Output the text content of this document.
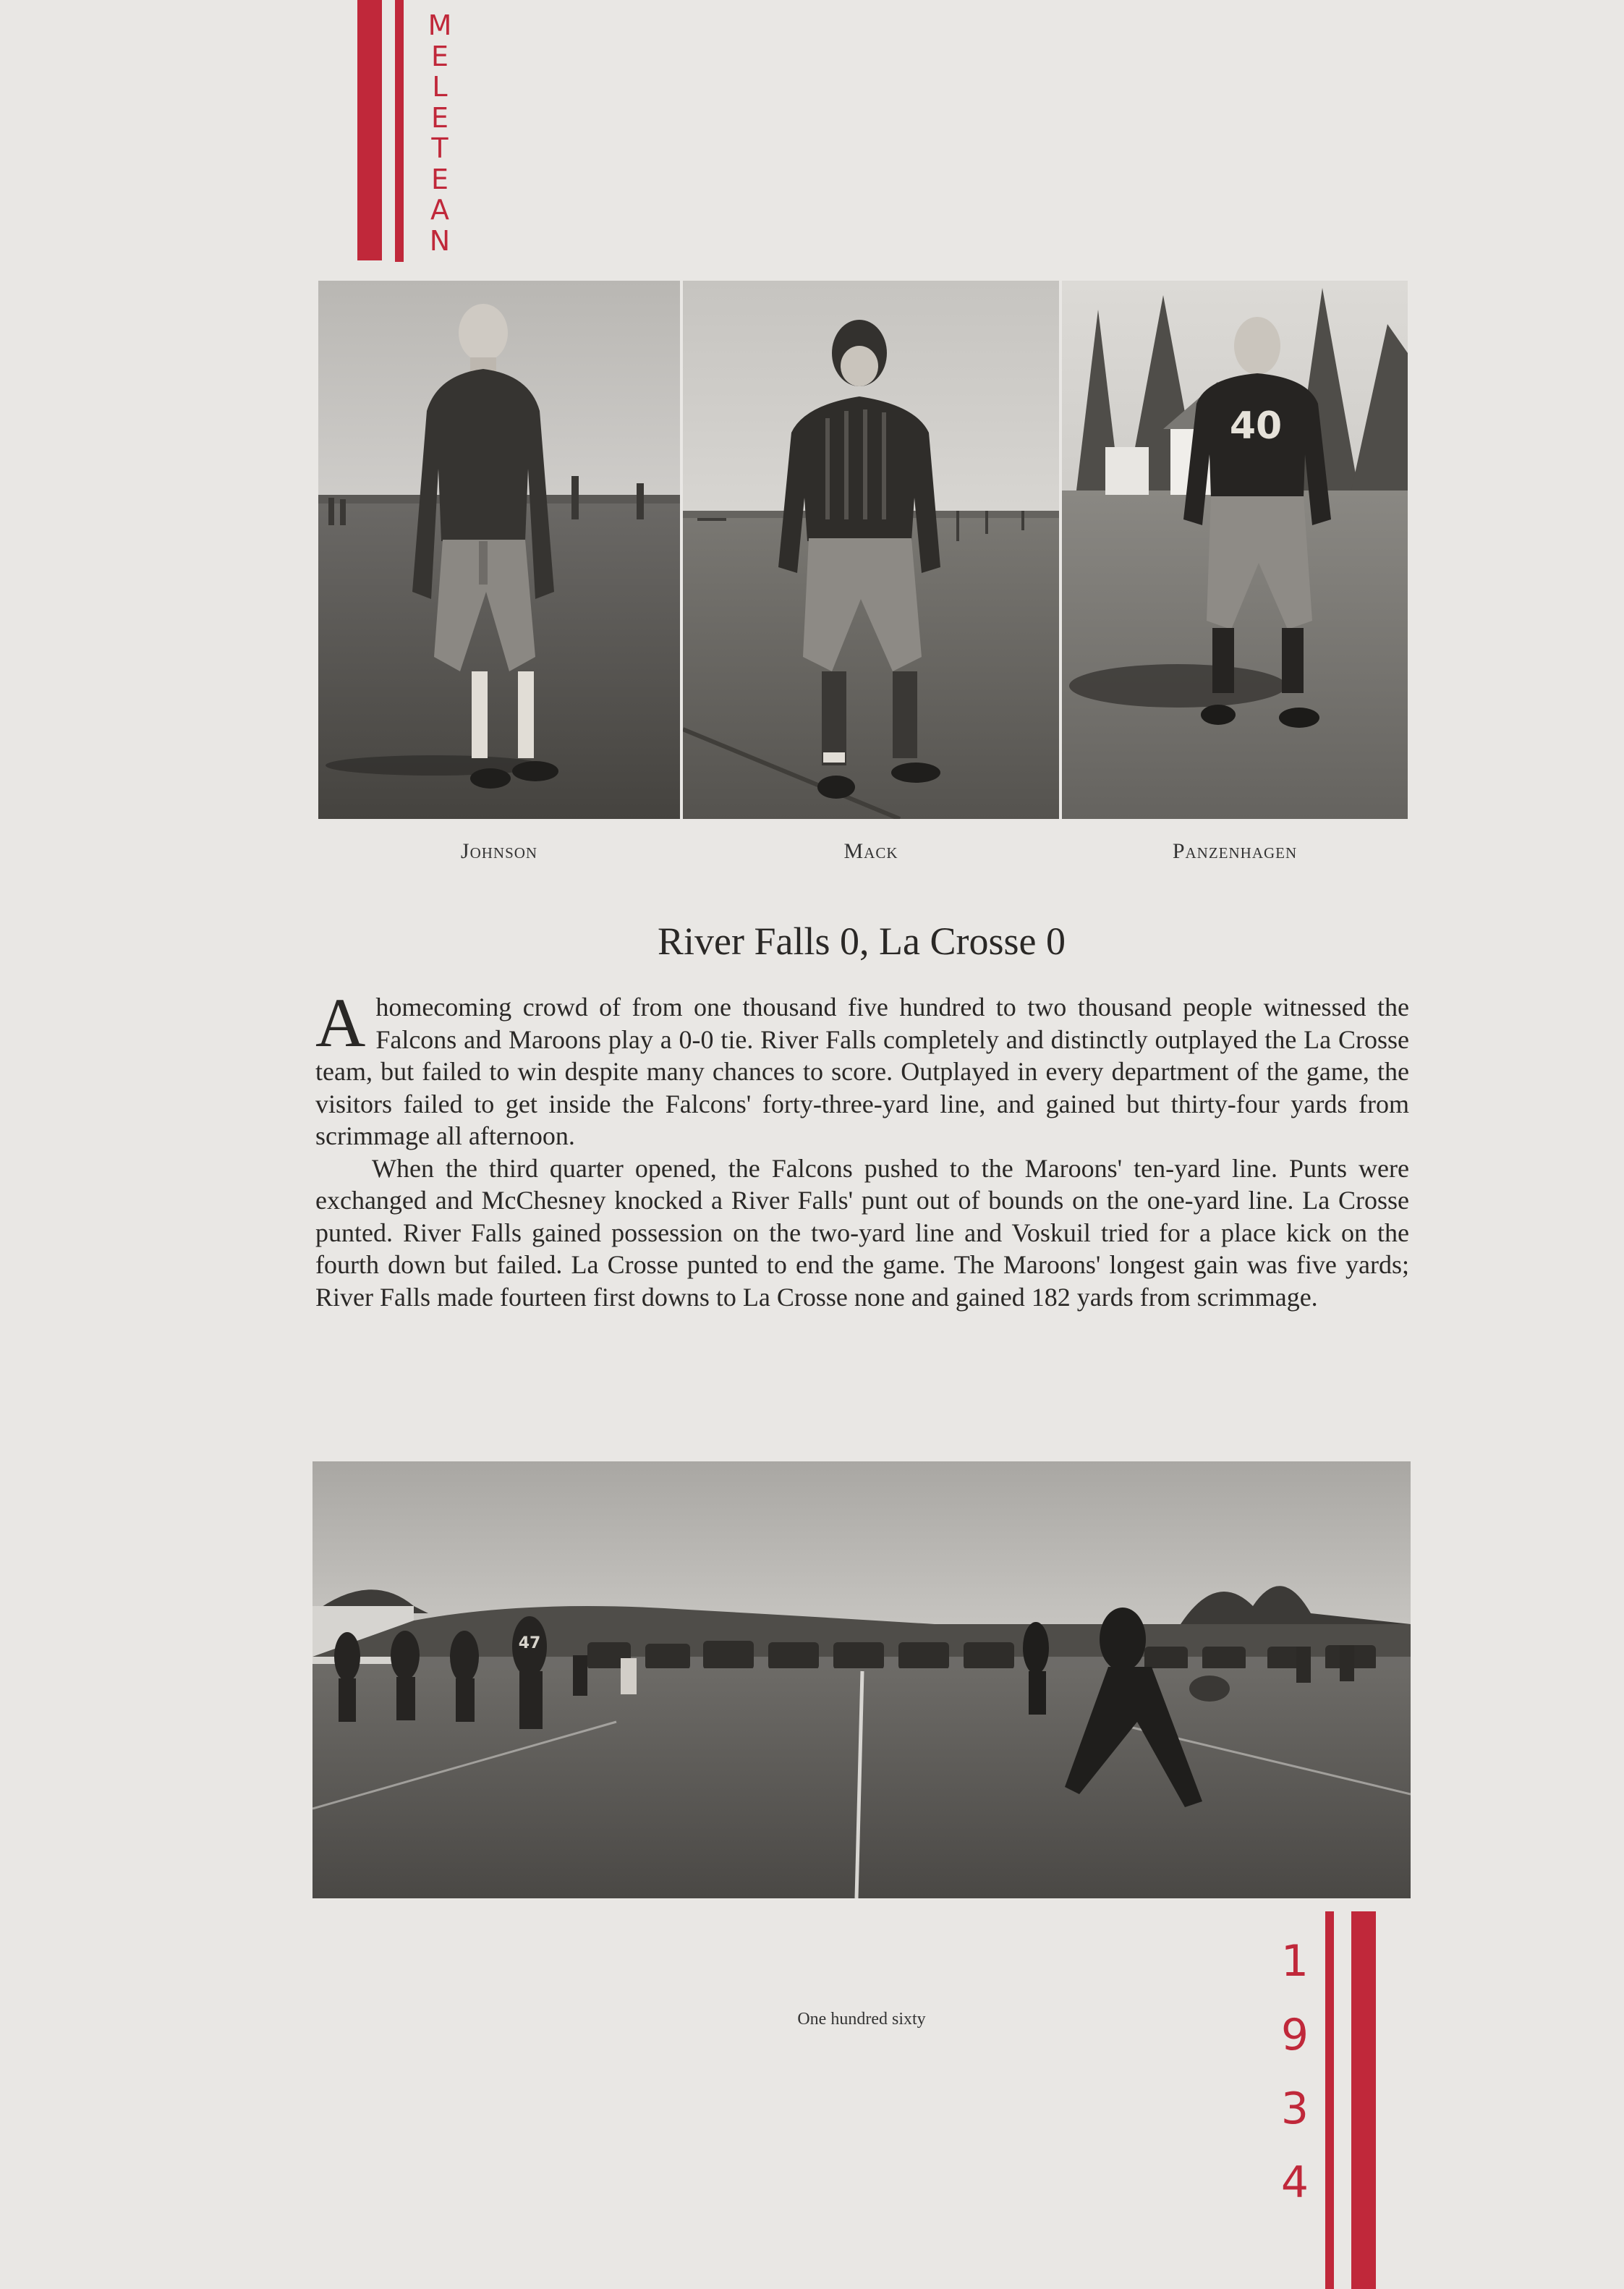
M
E
L
E
T
E
A
N
40
Johnson	Mack	Panzenhagen
River Falls 0, La Crosse 0

A homecoming crowd of from one thousand five hundred to two thousand people witnessed the Falcons and Maroons play a 0-0 tie. River Falls completely and distinctly outplayed the La Crosse team, but failed to win despite many chances to score. Outplayed in every department of the game, the visitors failed to get inside the Falcons' forty-three-yard line, and gained but thirty-four yards from scrimmage all afternoon.

When the third quarter opened, the Falcons pushed to the Maroons' ten-yard line. Punts were exchanged and McChesney knocked a River Falls' punt out of bounds on the one-yard line. La Crosse punted. River Falls gained possession on the two-yard line and Voskuil tried for a place kick on the fourth down but failed. La Crosse punted to end the game. The Maroons' longest gain was five yards; River Falls made fourteen first downs to La Crosse none and gained 182 yards from scrimmage.

47
One hundred sixty
1
9
3
4
